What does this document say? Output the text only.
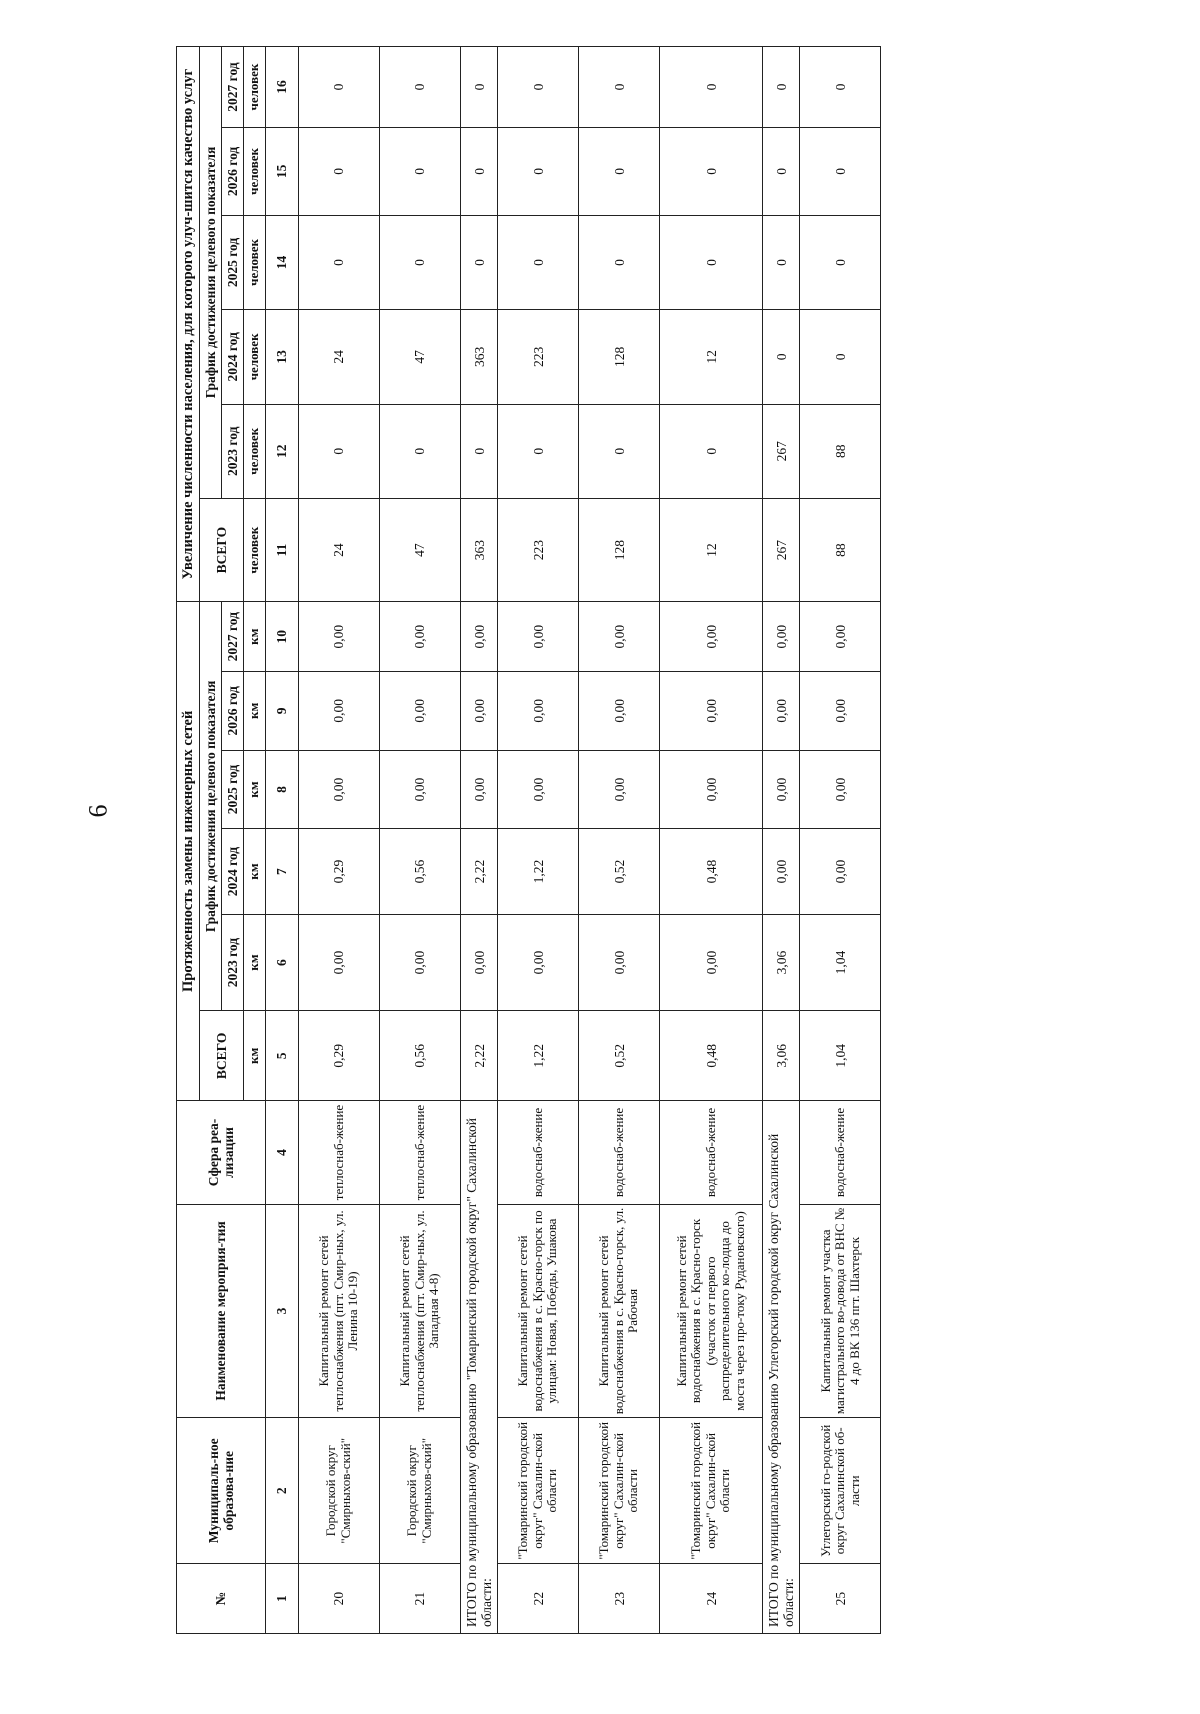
6
№	Муниципаль-ное образова-ние	Наименование мероприя-тия	Сфера реа-лизации	Протяженность замены инженерных сетей						Увеличение численности населения, для которого улуч-шится качество услуг					
				ВСЕГО	График достижения целевого показателя					ВСЕГО	График достижения целевого показателя				
					2023 год	2024 год	2025 год	2026 год	2027 год		2023 год	2024 год	2025 год	2026 год	2027 год
				км	км	км	км	км	км	человек	человек	человек	человек	человек	человек
1	2	3	4	5	6	7	8	9	10	11	12	13	14	15	16
20	Городской округ "Смирныхов-ский"	Капитальный ремонт сетей теплоснабжения (пгт. Смир-ных, ул. Ленина 10-19)	теплоснаб-жение	0,29	0,00	0,29	0,00	0,00	0,00	24	0	24	0	0	0
21	Городской округ "Смирныхов-ский"	Капитальный ремонт сетей теплоснабжения (пгт. Смир-ных, ул. Западная 4-8)	теплоснаб-жение	0,56	0,00	0,56	0,00	0,00	0,00	47	0	47	0	0	0
ИТОГО по муниципальному образованию "Томаринский городской округ" Сахалинской области:				2,22	0,00	2,22	0,00	0,00	0,00	363	0	363	0	0	0
22	"Томаринский городской округ" Сахалин-ской области	Капитальный ремонт сетей водоснабжения в с. Красно-горск по улицам: Новая, Победы, Ушакова	водоснаб-жение	1,22	0,00	1,22	0,00	0,00	0,00	223	0	223	0	0	0
23	"Томаринский городской округ" Сахалин-ской области	Капитальный ремонт сетей водоснабжения в с. Красно-горск, ул. Рабочая	водоснаб-жение	0,52	0,00	0,52	0,00	0,00	0,00	128	0	128	0	0	0
24	"Томаринский городской округ" Сахалин-ской области	Капитальный ремонт сетей водоснабжения в с. Красно-горск (участок от первого распределительного ко-лодца до моста через про-току Рудановского)	водоснаб-жение	0,48	0,00	0,48	0,00	0,00	0,00	12	0	12	0	0	0
ИТОГО по муниципальному образованию Углегорский городской округ Сахалинской области:				3,06	3,06	0,00	0,00	0,00	0,00	267	267	0	0	0	0
25	Углегорский го-родской округ Сахалинской об-ласти	Капитальный ремонт участка магистрального во-довода от ВНС № 4 до ВК 136 пгт. Шахтерск	водоснаб-жение	1,04	1,04	0,00	0,00	0,00	0,00	88	88	0	0	0	0
